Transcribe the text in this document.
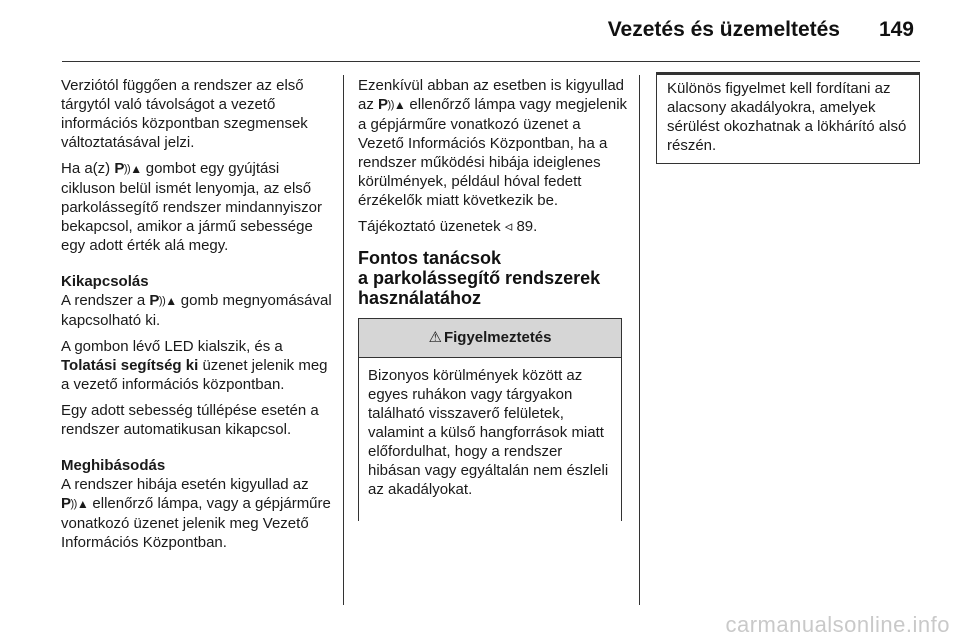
Vezetés és üzemeltetés 149

Verziótól függően a rendszer az első tárgytól való távolságot a vezető információs központban szegmensek változtatásával jelzi.

Ha a(z) P))▲ gombot egy gyújtási cikluson belül ismét lenyomja, az első parkolássegítő rendszer mindannyiszor bekapcsol, amikor a jármű sebessége egy adott érték alá megy.

Kikapcsolás

A rendszer a P))▲ gomb megnyomásával kapcsolható ki.

A gombon lévő LED kialszik, és a Tolatási segítség ki üzenet jelenik meg a vezető információs központban.

Egy adott sebesség túllépése esetén a rendszer automatikusan kikapcsol.

Meghibásodás

A rendszer hibája esetén kigyullad az P))▲ ellenőrző lámpa, vagy a gépjárműre vonatkozó üzenet jelenik meg Vezető Információs Központban.

Ezenkívül abban az esetben is kigyullad az P))▲ ellenőrző lámpa vagy megjelenik a gépjárműre vonatkozó üzenet a Vezető Információs Központban, ha a rendszer működési hibája ideiglenes körülmények, például hóval fedett érzékelők miatt következik be.

Tájékoztató üzenetek ◃ 89.

Fontos tanácsok
a parkolássegítő rendszerek
használatához
⚠ Figyelmeztetés
Bizonyos körülmények között az egyes ruhákon vagy tárgyakon található visszaverő felületek, valamint a külső hangforrások miatt előfordulhat, hogy a rendszer hibásan vagy egyáltalán nem észleli az akadályokat.
Különös figyelmet kell fordítani az alacsony akadályokra, amelyek sérülést okozhatnak a lökhárító alsó részén.
carmanualsonline.info
